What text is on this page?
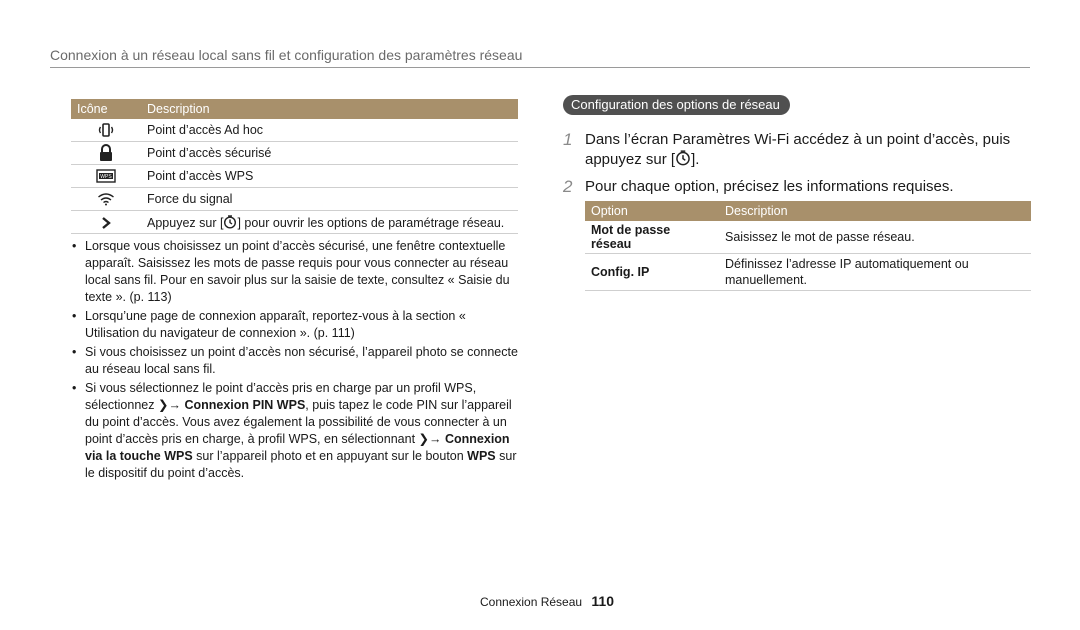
Connexion à un réseau local sans fil et configuration des paramètres réseau
Icône	Description
	Point d’accès Ad hoc
	Point d’accès sécurisé

WPS	Point d’accès WPS
	Force du signal
	Appuyez sur [ ] pour ouvrir les options de paramétrage réseau.
• Lorsque vous choisissez un point d’accès sécurisé, une fenêtre contextuelle apparaît. Saisissez les mots de passe requis pour vous connecter au réseau local sans fil. Pour en savoir plus sur la saisie de texte, consultez « Saisie du texte ». (p. 113)
• Lorsqu’une page de connexion apparaît, reportez-vous à la section « Utilisation du navigateur de connexion ». (p. 111)
• Si vous choisissez un point d’accès non sécurisé, l’appareil photo se connecte au réseau local sans fil.
• Si vous sélectionnez le point d’accès pris en charge par un profil WPS, sélectionnez ❯→ Connexion PIN WPS, puis tapez le code PIN sur l’appareil du point d’accès. Vous avez également la possibilité de vous connecter à un point d’accès pris en charge, à profil WPS, en sélectionnant ❯→ Connexion via la touche WPS sur l’appareil photo et en appuyant sur le bouton WPS sur le dispositif du point d’accès.
Configuration des options de réseau
1 Dans l’écran Paramètres Wi-Fi accédez à un point d’accès, puis appuyez sur [ ].
2 Pour chaque option, précisez les informations requises.
Option	Description
Mot de passe réseau	Saisissez le mot de passe réseau.
Config. IP	Définissez l’adresse IP automatiquement ou manuellement.
Connexion Réseau 110
